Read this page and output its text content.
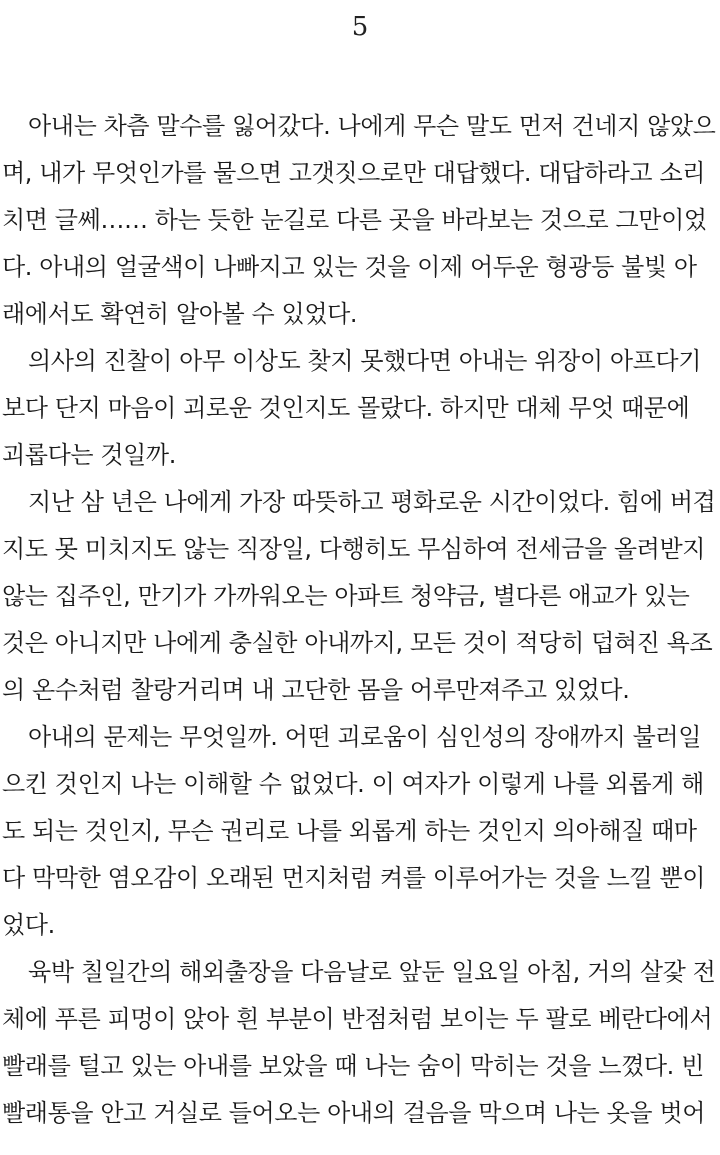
5
아내는 차츰 말수를 잃어갔다. 나에게 무슨 말도 먼저 건네지 않았으
며, 내가 무엇인가를 물으면 고갯짓으로만 대답했다. 대답하라고 소리
치면 글쎄…… 하는 듯한 눈길로 다른 곳을 바라보는 것으로 그만이었
다. 아내의 얼굴색이 나빠지고 있는 것을 이제 어두운 형광등 불빛 아
래에서도 확연히 알아볼 수 있었다.
의사의 진찰이 아무 이상도 찾지 못했다면 아내는 위장이 아프다기
보다 단지 마음이 괴로운 것인지도 몰랐다. 하지만 대체 무엇 때문에
괴롭다는 것일까.
지난 삼 년은 나에게 가장 따뜻하고 평화로운 시간이었다. 힘에 버겹
지도 못 미치지도 않는 직장일, 다행히도 무심하여 전세금을 올려받지
않는 집주인, 만기가 가까워오는 아파트 청약금, 별다른 애교가 있는
것은 아니지만 나에게 충실한 아내까지, 모든 것이 적당히 덥혀진 욕조
의 온수처럼 찰랑거리며 내 고단한 몸을 어루만져주고 있었다.
아내의 문제는 무엇일까. 어떤 괴로움이 심인성의 장애까지 불러일
으킨 것인지 나는 이해할 수 없었다. 이 여자가 이렇게 나를 외롭게 해
도 되는 것인지, 무슨 권리로 나를 외롭게 하는 것인지 의아해질 때마
다 막막한 염오감이 오래된 먼지처럼 켜를 이루어가는 것을 느낄 뿐이
었다.
육박 칠일간의 해외출장을 다음날로 앞둔 일요일 아침, 거의 살갗 전
체에 푸른 피멍이 앉아 흰 부분이 반점처럼 보이는 두 팔로 베란다에서
빨래를 털고 있는 아내를 보았을 때 나는 숨이 막히는 것을 느꼈다. 빈
빨래통을 안고 거실로 들어오는 아내의 걸음을 막으며 나는 옷을 벗어
